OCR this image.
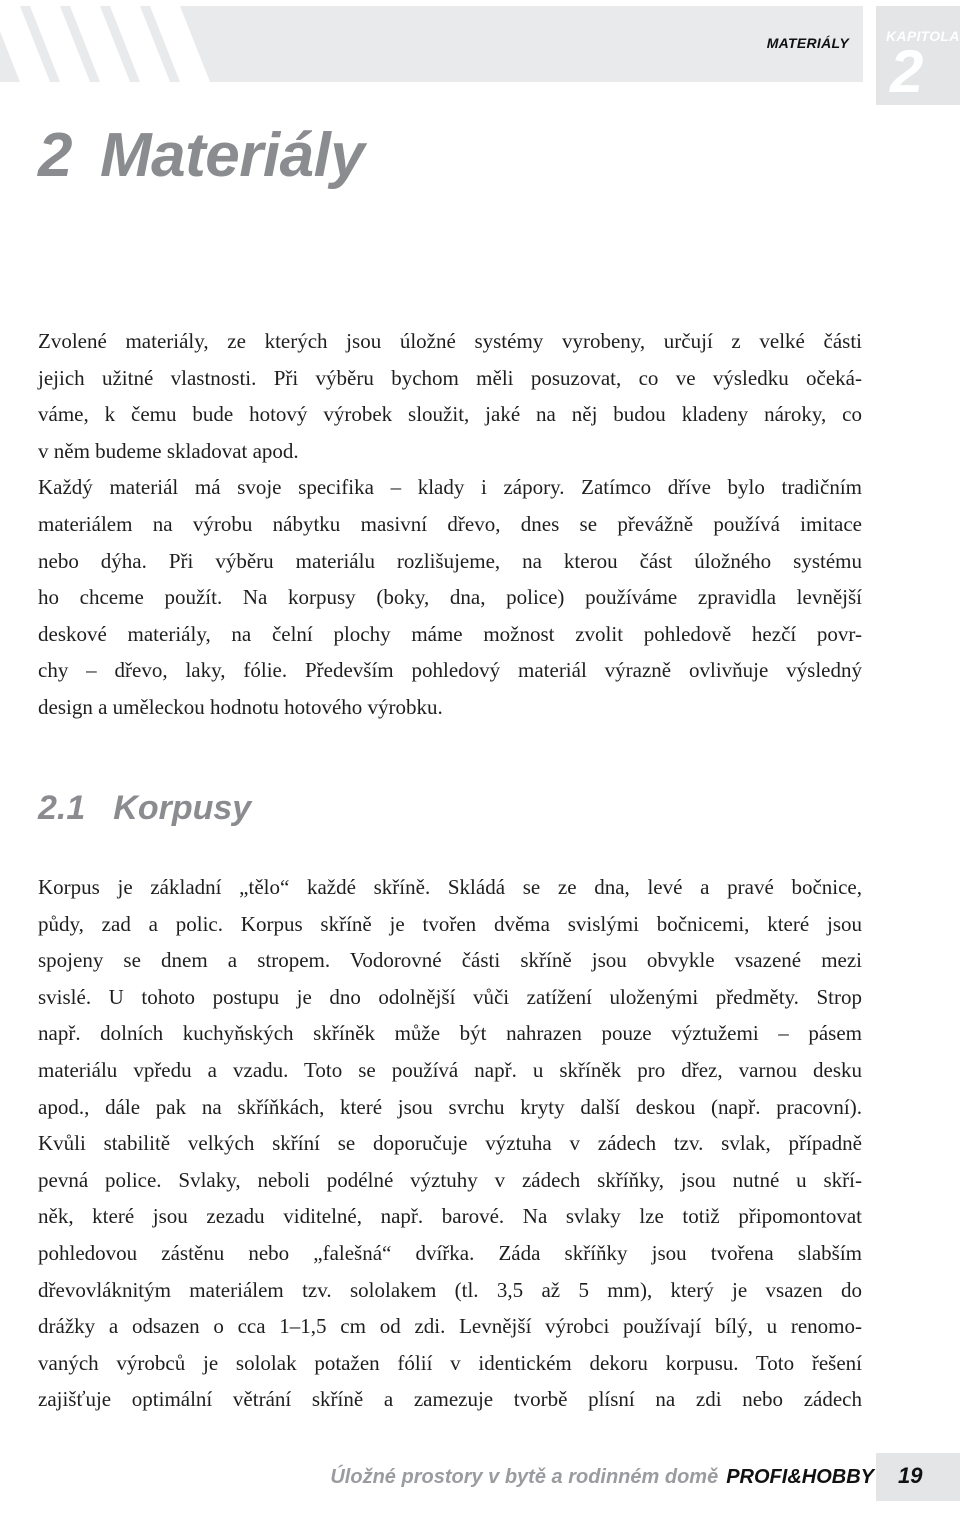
MATERIÁLY	KAPITOLA
2
2 Materiály

Zvolené materiály, ze kterých jsou úložné systémy vyrobeny, určují z velké části

jejich užitné vlastnosti. Při výběru bychom měli posuzovat, co ve výsledku očeká-

váme, k čemu bude hotový výrobek sloužit, jaké na něj budou kladeny nároky, co

v něm budeme skladovat apod.

Každý materiál má svoje specifika – klady i zápory. Zatímco dříve bylo tradičním

materiálem na výrobu nábytku masivní dřevo, dnes se převážně používá imitace

nebo dýha. Při výběru materiálu rozlišujeme, na kterou část úložného systému

ho chceme použít. Na korpusy (boky, dna, police) používáme zpravidla levnější

deskové materiály, na čelní plochy máme možnost zvolit pohledově hezčí povr-

chy – dřevo, laky, fólie. Především pohledový materiál výrazně ovlivňuje výsledný

design a uměleckou hodnotu hotového výrobku.

2.1 Korpusy

Korpus je základní „tělo“ každé skříně. Skládá se ze dna, levé a pravé bočnice,

půdy, zad a polic. Korpus skříně je tvořen dvěma svislými bočnicemi, které jsou

spojeny se dnem a stropem. Vodorovné části skříně jsou obvykle vsazené mezi

svislé. U tohoto postupu je dno odolnější vůči zatížení uloženými předměty. Strop

např. dolních kuchyňských skříněk může být nahrazen pouze výztužemi – pásem

materiálu vpředu a vzadu. Toto se používá např. u skříněk pro dřez, varnou desku

apod., dále pak na skříňkách, které jsou svrchu kryty další deskou (např. pracovní).

Kvůli stabilitě velkých skříní se doporučuje výztuha v zádech tzv. svlak, případně

pevná police. Svlaky, neboli podélné výztuhy v zádech skříňky, jsou nutné u skří-

něk, které jsou zezadu viditelné, např. barové. Na svlaky lze totiž připomontovat

pohledovou zástěnu nebo „falešná“ dvířka. Záda skříňky jsou tvořena slabším

dřevovláknitým materiálem tzv. sololakem (tl. 3,5 až 5 mm), který je vsazen do

drážky a odsazen o cca 1–1,5 cm od zdi. Levnější výrobci používají bílý, u renomo-

vaných výrobců je sololak potažen fólií v identickém dekoru korpusu. Toto řešení

zajišťuje optimální větrání skříně a zamezuje tvorbě plísní na zdi nebo zádech

Úložné prostory v bytě a rodinném domě PROFI&HOBBY 19
